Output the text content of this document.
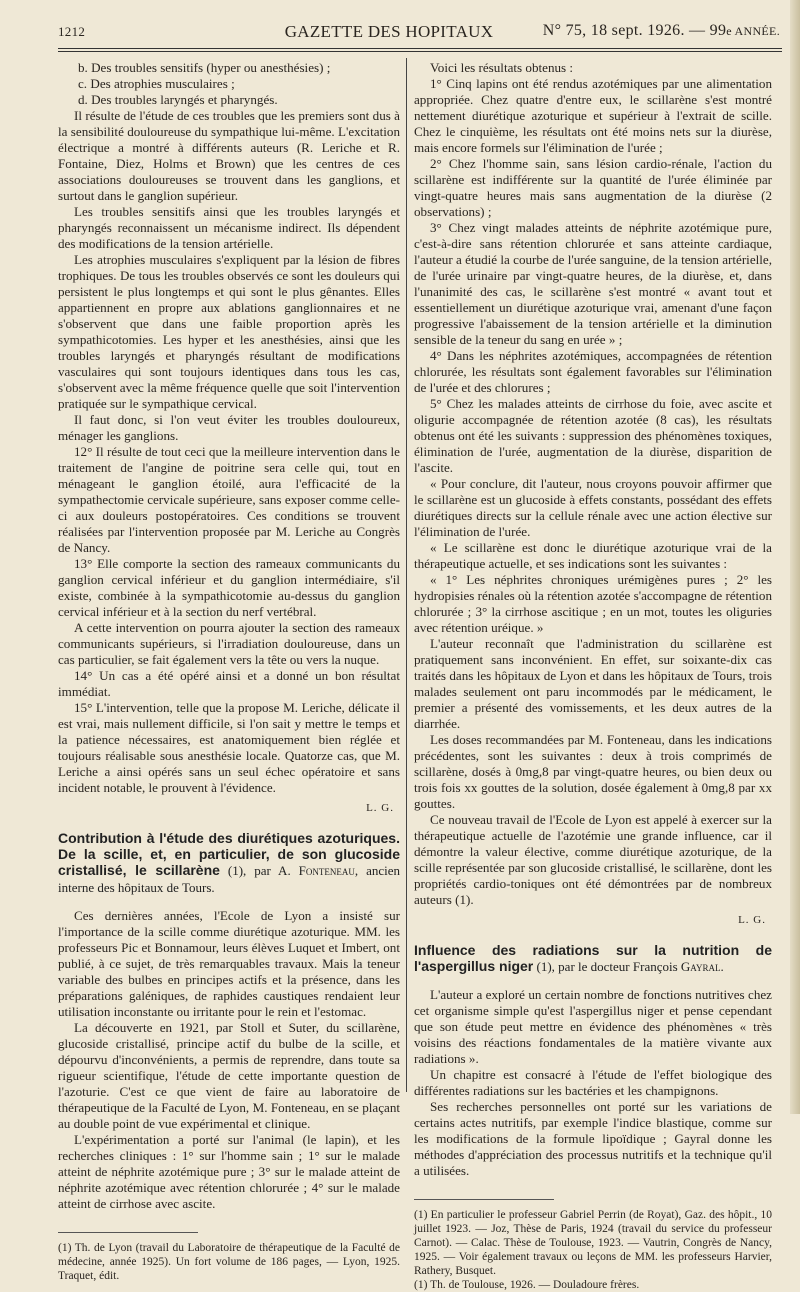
1212	GAZETTE DES HOPITAUX	N° 75, 18 sept. 1926. — 99e ANNÉE.

b. Des troubles sensitifs (hyper ou anesthésies) ;

c. Des atrophies musculaires ;

d. Des troubles laryngés et pharyngés.

Il résulte de l'étude de ces troubles que les premiers sont dus à la sensibilité douloureuse du sympathique lui-même. L'excitation électrique a montré à différents auteurs (R. Leriche et R. Fontaine, Diez, Holms et Brown) que les centres de ces associations douloureuses se trouvent dans les ganglions, et surtout dans le ganglion supérieur.

Les troubles sensitifs ainsi que les troubles laryngés et pharyngés reconnaissent un mécanisme indirect. Ils dépendent des modifications de la tension artérielle.

Les atrophies musculaires s'expliquent par la lésion de fibres trophiques. De tous les troubles observés ce sont les douleurs qui persistent le plus longtemps et qui sont le plus gênantes. Elles appartiennent en propre aux ablations ganglionnaires et ne s'observent que dans une faible proportion après les sympathicotomies. Les hyper et les anesthésies, ainsi que les troubles laryngés et pharyngés résultant de modifications vasculaires qui sont toujours identiques dans tous les cas, s'observent avec la même fréquence quelle que soit l'intervention pratiquée sur le sympathique cervical.

Il faut donc, si l'on veut éviter les troubles douloureux, ménager les ganglions.

12° Il résulte de tout ceci que la meilleure intervention dans le traitement de l'angine de poitrine sera celle qui, tout en ménageant le ganglion étoilé, aura l'efficacité de la sympathectomie cervicale supérieure, sans exposer comme celle-ci aux douleurs postopératoires. Ces conditions se trouvent réalisées par l'intervention proposée par M. Leriche au Congrès de Nancy.

13° Elle comporte la section des rameaux communicants du ganglion cervical inférieur et du ganglion intermédiaire, s'il existe, combinée à la sympathicotomie au-dessus du ganglion cervical inférieur et à la section du nerf vertébral.

A cette intervention on pourra ajouter la section des rameaux communicants supérieurs, si l'irradiation douloureuse, dans un cas particulier, se fait également vers la tête ou vers la nuque.

14° Un cas a été opéré ainsi et a donné un bon résultat immédiat.

15° L'intervention, telle que la propose M. Leriche, délicate il est vrai, mais nullement difficile, si l'on sait y mettre le temps et la patience nécessaires, est anatomiquement bien réglée et toujours réalisable sous anesthésie locale. Quatorze cas, que M. Leriche a ainsi opérés sans un seul échec opératoire et sans incident notable, le prouvent à l'évidence.

L. G.

Contribution à l'étude des diurétiques azoturiques. De la scille, et, en particulier, de son glucoside cristallisé, le scillarène (1), par A. Fonteneau, ancien interne des hôpitaux de Tours.

Ces dernières années, l'Ecole de Lyon a insisté sur l'importance de la scille comme diurétique azoturique. MM. les professeurs Pic et Bonnamour, leurs élèves Luquet et Imbert, ont publié, à ce sujet, de très remarquables travaux. Mais la teneur variable des bulbes en principes actifs et la présence, dans les préparations galéniques, de raphides caustiques rendaient leur utilisation inconstante ou irritante pour le rein et l'estomac.

La découverte en 1921, par Stoll et Suter, du scillarène, glucoside cristallisé, principe actif du bulbe de la scille, et dépourvu d'inconvénients, a permis de reprendre, dans toute sa rigueur scientifique, l'étude de cette importante question de l'azoturie. C'est ce que vient de faire au laboratoire de thérapeutique de la Faculté de Lyon, M. Fonteneau, en se plaçant au double point de vue expérimental et clinique.

L'expérimentation a porté sur l'animal (le lapin), et les recherches cliniques : 1° sur l'homme sain ; 1° sur le malade atteint de néphrite azotémique pure ; 3° sur le malade atteint de néphrite azotémique avec rétention chlorurée ; 4° sur le malade atteint de cirrhose avec ascite.

(1) Th. de Lyon (travail du Laboratoire de thérapeutique de la Faculté de médecine, année 1925). Un fort volume de 186 pages, — Lyon, 1925. Traquet, édit.

Voici les résultats obtenus :

1° Cinq lapins ont été rendus azotémiques par une alimentation appropriée. Chez quatre d'entre eux, le scillarène s'est montré nettement diurétique azoturique et supérieur à l'extrait de scille. Chez le cinquième, les résultats ont été moins nets sur la diurèse, mais encore formels sur l'élimination de l'urée ;

2° Chez l'homme sain, sans lésion cardio-rénale, l'action du scillarène est indifférente sur la quantité de l'urée éliminée par vingt-quatre heures mais sans augmentation de la diurèse (2 observations) ;

3° Chez vingt malades atteints de néphrite azotémique pure, c'est-à-dire sans rétention chlorurée et sans atteinte cardiaque, l'auteur a étudié la courbe de l'urée sanguine, de la tension artérielle, de l'urée urinaire par vingt-quatre heures, de la diurèse, et, dans l'unanimité des cas, le scillarène s'est montré « avant tout et essentiellement un diurétique azoturique vrai, amenant d'une façon progressive l'abaissement de la tension artérielle et la diminution sensible de la teneur du sang en urée » ;

4° Dans les néphrites azotémiques, accompagnées de rétention chlorurée, les résultats sont également favorables sur l'élimination de l'urée et des chlorures ;

5° Chez les malades atteints de cirrhose du foie, avec ascite et oligurie accompagnée de rétention azotée (8 cas), les résultats obtenus ont été les suivants : suppression des phénomènes toxiques, élimination de l'urée, augmentation de la diurèse, disparition de l'ascite.

« Pour conclure, dit l'auteur, nous croyons pouvoir affirmer que le scillarène est un glucoside à effets constants, possédant des effets diurétiques directs sur la cellule rénale avec une action élective sur l'élimination de l'urée.

« Le scillarène est donc le diurétique azoturique vrai de la thérapeutique actuelle, et ses indications sont les suivantes :

« 1° Les néphrites chroniques urémigènes pures ; 2° les hydropisies rénales où la rétention azotée s'accompagne de rétention chlorurée ; 3° la cirrhose ascitique ; en un mot, toutes les oliguries avec rétention uréique. »

L'auteur reconnaît que l'administration du scillarène est pratiquement sans inconvénient. En effet, sur soixante-dix cas traités dans les hôpitaux de Lyon et dans les hôpitaux de Tours, trois malades seulement ont paru incommodés par le médicament, le premier a présenté des vomissements, et les deux autres de la diarrhée.

Les doses recommandées par M. Fonteneau, dans les indications précédentes, sont les suivantes : deux à trois comprimés de scillarène, dosés à 0mg,8 par vingt-quatre heures, ou bien deux ou trois fois xx gouttes de la solution, dosée également à 0mg,8 par xx gouttes.

Ce nouveau travail de l'Ecole de Lyon est appelé à exercer sur la thérapeutique actuelle de l'azotémie une grande influence, car il démontre la valeur élective, comme diurétique azoturique, de la scille représentée par son glucoside cristallisé, le scillarène, dont les propriétés cardio-toniques ont été démontrées par de nombreux auteurs (1).

L. G.

Influence des radiations sur la nutrition de l'aspergillus niger (1), par le docteur François Gayral.

L'auteur a exploré un certain nombre de fonctions nutritives chez cet organisme simple qu'est l'aspergillus niger et pense cependant que son étude peut mettre en évidence des phénomènes « très voisins des réactions fondamentales de la matière vivante aux radiations ».

Un chapitre est consacré à l'étude de l'effet biologique des différentes radiations sur les bactéries et les champignons.

Ses recherches personnelles ont porté sur les variations de certains actes nutritifs, par exemple l'indice blastique, comme sur les modifications de la formule lipoïdique ; Gayral donne les méthodes d'appréciation des processus nutritifs et la technique qu'il a utilisées.

(1) En particulier le professeur Gabriel Perrin (de Royat), Gaz. des hôpit., 10 juillet 1923. — Joz, Thèse de Paris, 1924 (travail du service du professeur Carnot). — Calac. Thèse de Toulouse, 1923. — Vautrin, Congrès de Nancy, 1925. — Voir également travaux ou leçons de MM. les professeurs Harvier, Rathery, Busquet.

(1) Th. de Toulouse, 1926. — Douladoure frères.
